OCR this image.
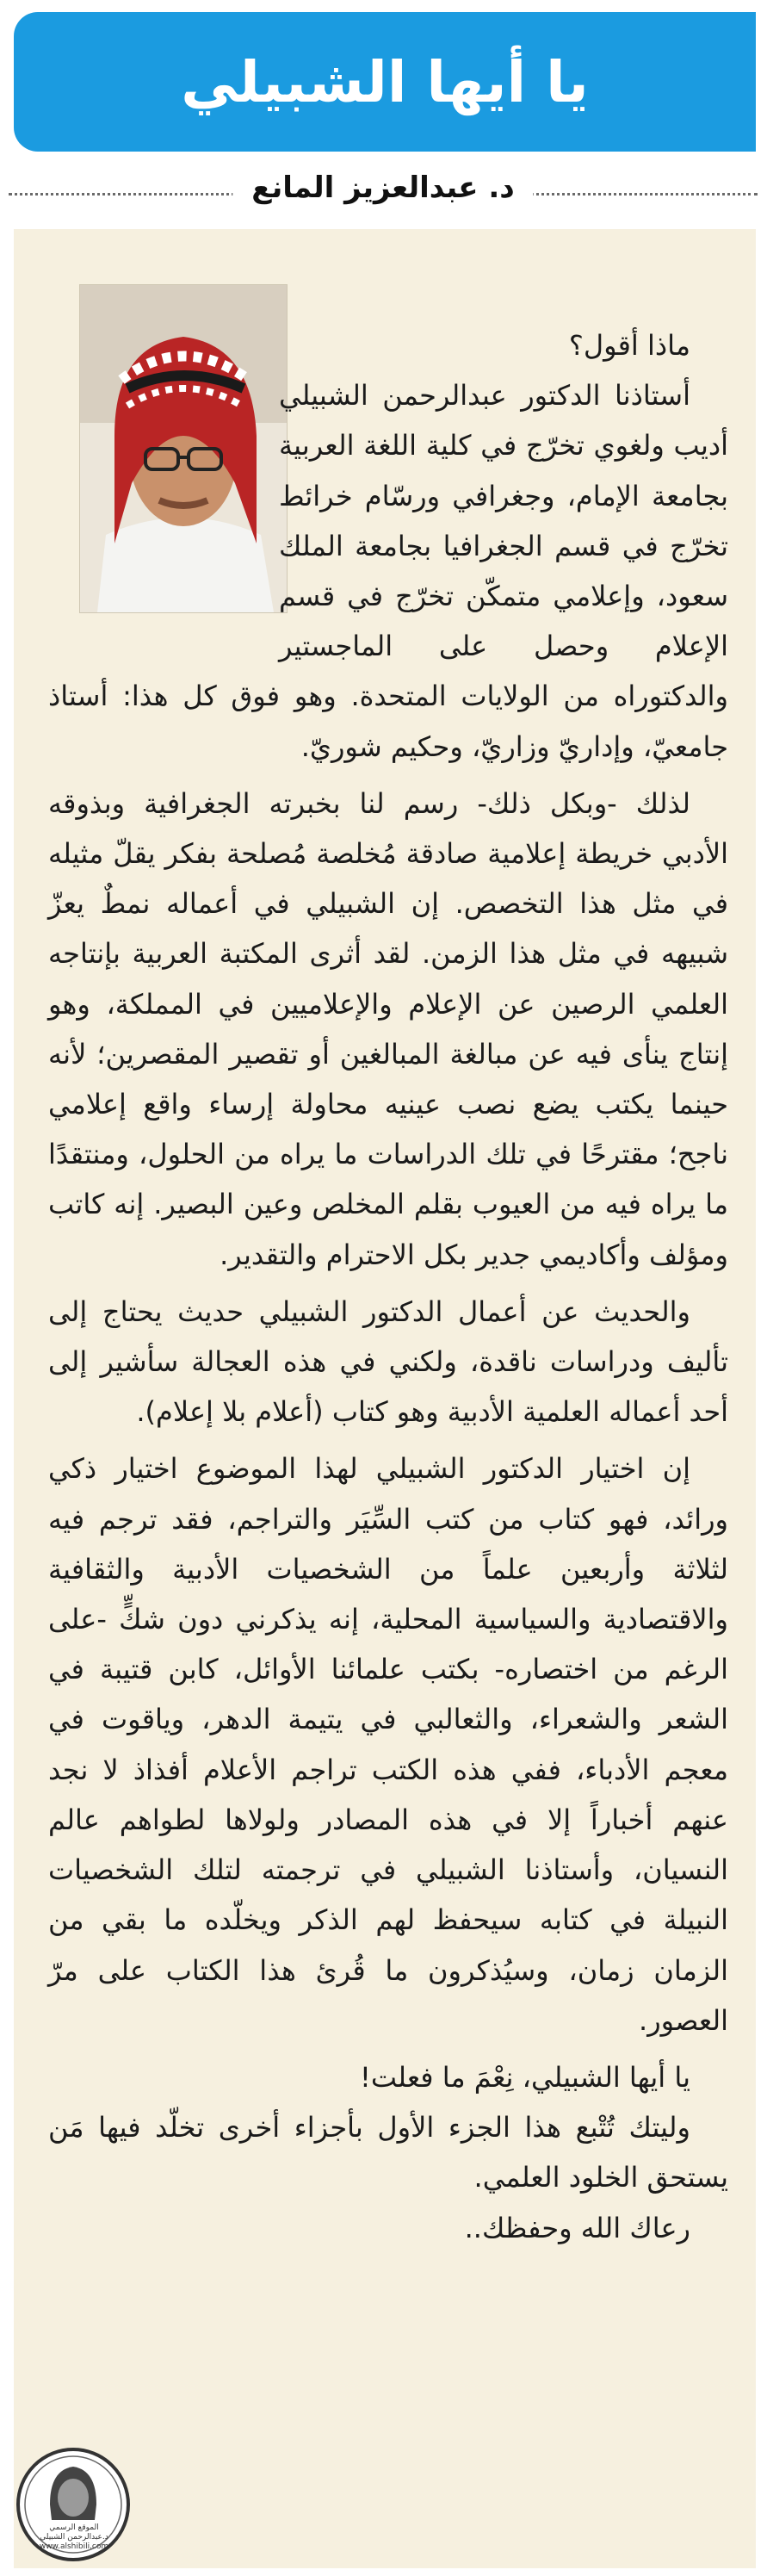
يا أيها الشبيلي
د. عبدالعزيز المانع

ماذا أقول؟

أستاذنا الدكتور عبدالرحمن الشبيلي أديب ولغوي تخرّج في كلية اللغة العربية بجامعة الإمام، وجغرافي ورسّام خرائط تخرّج في قسم الجغرافيا بجامعة الملك سعود، وإعلامي متمكّن تخرّج في قسم الإعلام وحصل على الماجستير والدكتوراه من الولايات المتحدة. وهو فوق كل هذا: أستاذ جامعيّ، وإداريّ وزاريّ، وحكيم شوريّ.

لذلك -وبكل ذلك- رسم لنا بخبرته الجغرافية وبذوقه الأدبي خريطة إعلامية صادقة مُخلصة مُصلحة بفكر يقلّ مثيله في مثل هذا التخصص. إن الشبيلي في أعماله نمطٌ يعزّ شبيهه في مثل هذا الزمن. لقد أثرى المكتبة العربية بإنتاجه العلمي الرصين عن الإعلام والإعلاميين في المملكة، وهو إنتاج ينأى فيه عن مبالغة المبالغين أو تقصير المقصرين؛ لأنه حينما يكتب يضع نصب عينيه محاولة إرساء واقع إعلامي ناجح؛ مقترحًا في تلك الدراسات ما يراه من الحلول، ومنتقدًا ما يراه فيه من العيوب بقلم المخلص وعين البصير. إنه كاتب ومؤلف وأكاديمي جدير بكل الاحترام والتقدير.

والحديث عن أعمال الدكتور الشبيلي حديث يحتاج إلى تأليف ودراسات ناقدة، ولكني في هذه العجالة سأشير إلى أحد أعماله العلمية الأدبية وهو كتاب (أعلام بلا إعلام).

إن اختيار الدكتور الشبيلي لهذا الموضوع اختيار ذكي ورائد، فهو كتاب من كتب السِّيَر والتراجم، فقد ترجم فيه لثلاثة وأربعين علماً من الشخصيات الأدبية والثقافية والاقتصادية والسياسية المحلية، إنه يذكرني دون شكٍّ -على الرغم من اختصاره- بكتب علمائنا الأوائل، كابن قتيبة في الشعر والشعراء، والثعالبي في يتيمة الدهر، وياقوت في معجم الأدباء، ففي هذه الكتب تراجم الأعلام أفذاذ لا نجد عنهم أخباراً إلا في هذه المصادر ولولاها لطواهم عالم النسيان، وأستاذنا الشبيلي في ترجمته لتلك الشخصيات النبيلة في كتابه سيحفظ لهم الذكر ويخلّده ما بقي من الزمان زمان، وسيُذكرون ما قُرئ هذا الكتاب على مرّ العصور.

يا أيها الشبيلي، نِعْمَ ما فعلت!

وليتك تُتْبع هذا الجزء الأول بأجزاء أخرى تخلّد فيها مَن يستحق الخلود العلمي.

رعاك الله وحفظك..

الموقع الرسمي
د.عبدالرحمن الشبيلي
www.alshibili.com
